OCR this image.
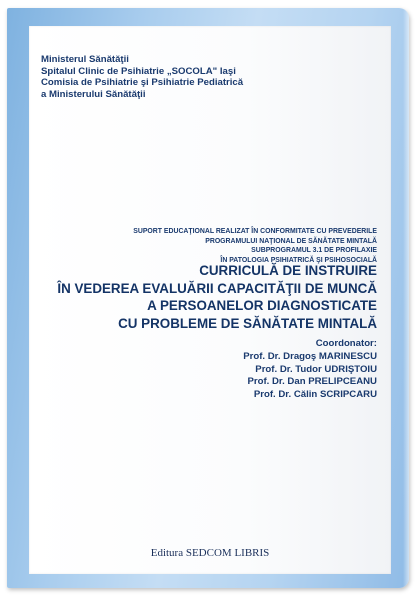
Ministerul Sănătăţii
Spitalul Clinic de Psihiatrie „SOCOLA" Iaşi
Comisia de Psihiatrie şi Psihiatrie Pediatrică
a Ministerului Sănătăţii
SUPORT EDUCAŢIONAL REALIZAT ÎN CONFORMITATE CU PREVEDERILE
PROGRAMULUI NAŢIONAL DE SĂNĂTATE MINTALĂ
SUBPROGRAMUL 3.1 DE PROFILAXIE
ÎN PATOLOGIA PSIHIATRICĂ ŞI PSIHOSOCIALĂ
CURRICULĂ DE INSTRUIRE
ÎN VEDEREA EVALUĂRII CAPACITĂŢII DE MUNCĂ
A PERSOANELOR DIAGNOSTICATE
CU PROBLEME DE SĂNĂTATE MINTALĂ
Coordonator:
Prof. Dr. Dragoş MARINESCU
Prof. Dr. Tudor UDRIŞTOIU
Prof. Dr. Dan PRELIPCEANU
Prof. Dr. Călin SCRIPCARU
Editura SEDCOM LIBRIS
